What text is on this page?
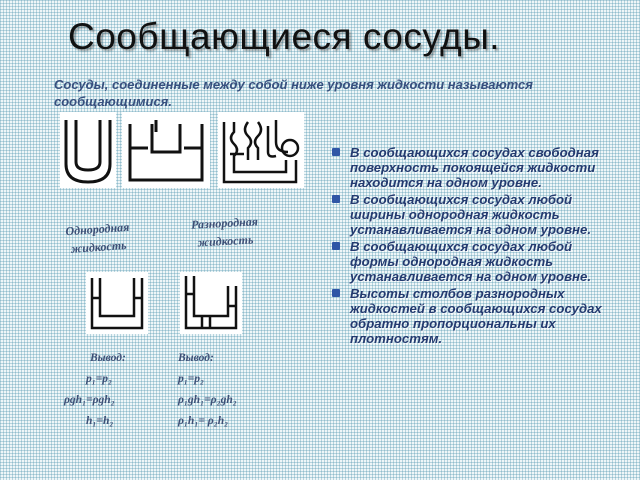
Сообщающиеся сосуды.

Сосуды, соединенные между собой ниже уровня жидкости называются сообщающимися.

Однородная жидкость
Разнородная жидкость
Вывод:
p₁=p₂
ρgh₁=ρgh₂
h₁=h₂
Вывод:
p₁=p₂
ρ₁gh₁=ρ₂gh₂
ρ₁h₁= ρ₂h₂
В сообщающихся сосудах свободная поверхность покоящейся жидкости находится на одном уровне.
В сообщающихся сосудах любой ширины однородная жидкость устанавливается на одном уровне.
В сообщающихся сосудах любой формы однородная жидкость устанавливается на одном уровне.
Высоты столбов разнородных жидкостей в сообщающихся сосудах обратно пропорциональны их плотностям.
